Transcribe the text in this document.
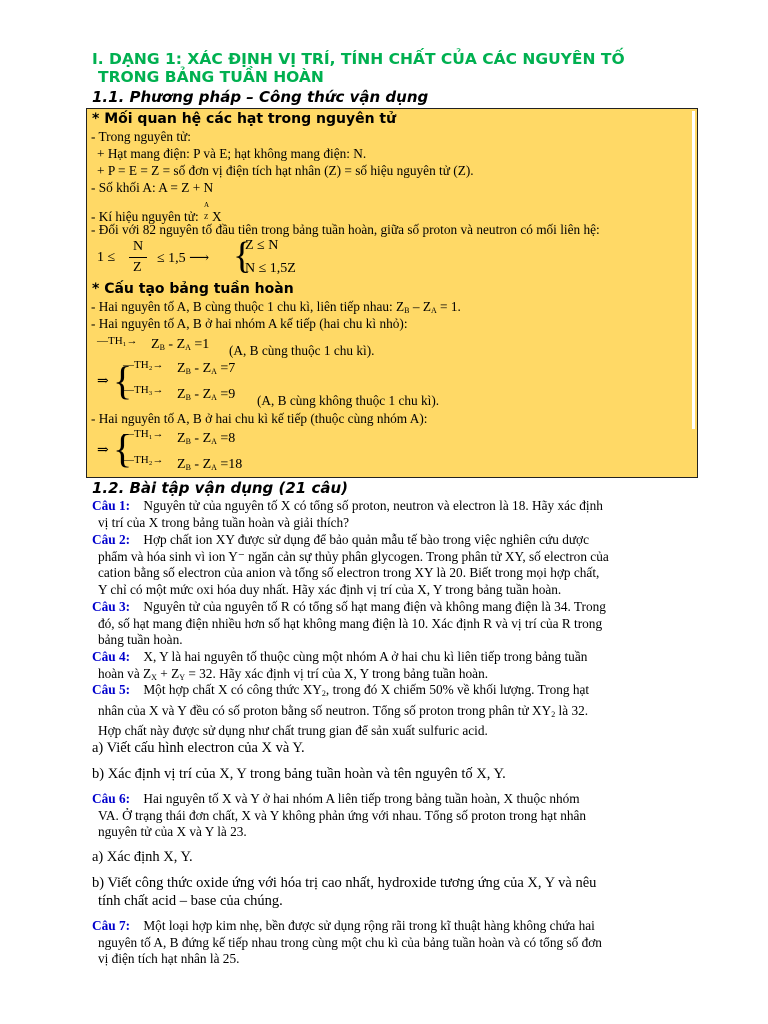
I. DẠNG 1: XÁC ĐỊNH VỊ TRÍ, TÍNH CHẤT CỦA CÁC NGUYÊN TỐ
TRONG BẢNG TUẦN HOÀN
1.1. Phương pháp – Công thức vận dụng
* Mối quan hệ các hạt trong nguyên tử
- Trong nguyên tử:
+ Hạt mang điện: P và E; hạt không mang điện: N.
+ P = E = Z = số đơn vị điện tích hạt nhân (Z) = số hiệu nguyên tử (Z).
- Số khối A: A = Z + N
- Kí hiệu nguyên tử:
A
Z X
- Đối với 82 nguyên tố đầu tiên trong bảng tuần hoàn, giữa số proton và neutron có mối liên hệ:
1 ≤
N
Z
≤ 1,5 ⟶ {
Z ≤ N
N ≤ 1,5Z
* Cấu tạo bảng tuần hoàn
- Hai nguyên tố A, B cùng thuộc 1 chu kì, liên tiếp nhau: $Z_B - Z_A = 1$.
- Hai nguyên tố A, B ở hai nhóm A kế tiếp (hai chu kì nhỏ):
—TH₁→ $Z_B - Z_A =1$ (A, B cùng thuộc 1 chu kì).
⇒ {
—TH₂→ $Z_B - Z_A =7$
—TH₃→ $Z_B - Z_A =9$ (A, B cùng không thuộc 1 chu kì).
- Hai nguyên tố A, B ở hai chu kì kế tiếp (thuộc cùng nhóm A):
⇒ {
—TH₁→ $Z_B - Z_A =8$
—TH₂→ $Z_B - Z_A =18$
1.2. Bài tập vận dụng (21 câu)
Câu 1: Nguyên tử của nguyên tố X có tổng số proton, neutron và electron là 18. Hãy xác định
vị trí của X trong bảng tuần hoàn và giải thích?
Câu 2: Hợp chất ion XY được sử dụng để bảo quản mẫu tế bào trong việc nghiên cứu dược
phẩm và hóa sinh vì ion Y⁻ ngăn cản sự thủy phân glycogen. Trong phân tử XY, số electron của
cation bằng số electron của anion và tổng số electron trong XY là 20. Biết trong mọi hợp chất,
Y chỉ có một mức oxi hóa duy nhất. Hãy xác định vị trí của X, Y trong bảng tuần hoàn.
Câu 3: Nguyên tử của nguyên tố R có tổng số hạt mang điện và không mang điện là 34. Trong
đó, số hạt mang điện nhiều hơn số hạt không mang điện là 10. Xác định R và vị trí của R trong
bảng tuần hoàn.
Câu 4: X, Y là hai nguyên tố thuộc cùng một nhóm A ở hai chu kì liên tiếp trong bảng tuần
hoàn và $Z_X + Z_Y = 32$. Hãy xác định vị trí của X, Y trong bảng tuần hoàn.
Câu 5: Một hợp chất X có công thức $XY_2$, trong đó X chiếm 50% về khối lượng. Trong hạt
nhân của X và Y đều có số proton bằng số neutron. Tổng số proton trong phân tử $XY_2$ là 32.
Hợp chất này được sử dụng như chất trung gian để sản xuất sulfuric acid.
a) Viết cấu hình electron của X và Y.
b) Xác định vị trí của X, Y trong bảng tuần hoàn và tên nguyên tố X, Y.
Câu 6: Hai nguyên tố X và Y ở hai nhóm A liên tiếp trong bảng tuần hoàn, X thuộc nhóm
VA. Ở trạng thái đơn chất, X và Y không phản ứng với nhau. Tổng số proton trong hạt nhân
nguyên tử của X và Y là 23.
a) Xác định X, Y.
b) Viết công thức oxide ứng với hóa trị cao nhất, hydroxide tương ứng của X, Y và nêu
tính chất acid – base của chúng.
Câu 7: Một loại hợp kim nhẹ, bền được sử dụng rộng rãi trong kĩ thuật hàng không chứa hai
nguyên tố A, B đứng kế tiếp nhau trong cùng một chu kì của bảng tuần hoàn và có tổng số đơn
vị điện tích hạt nhân là 25.
